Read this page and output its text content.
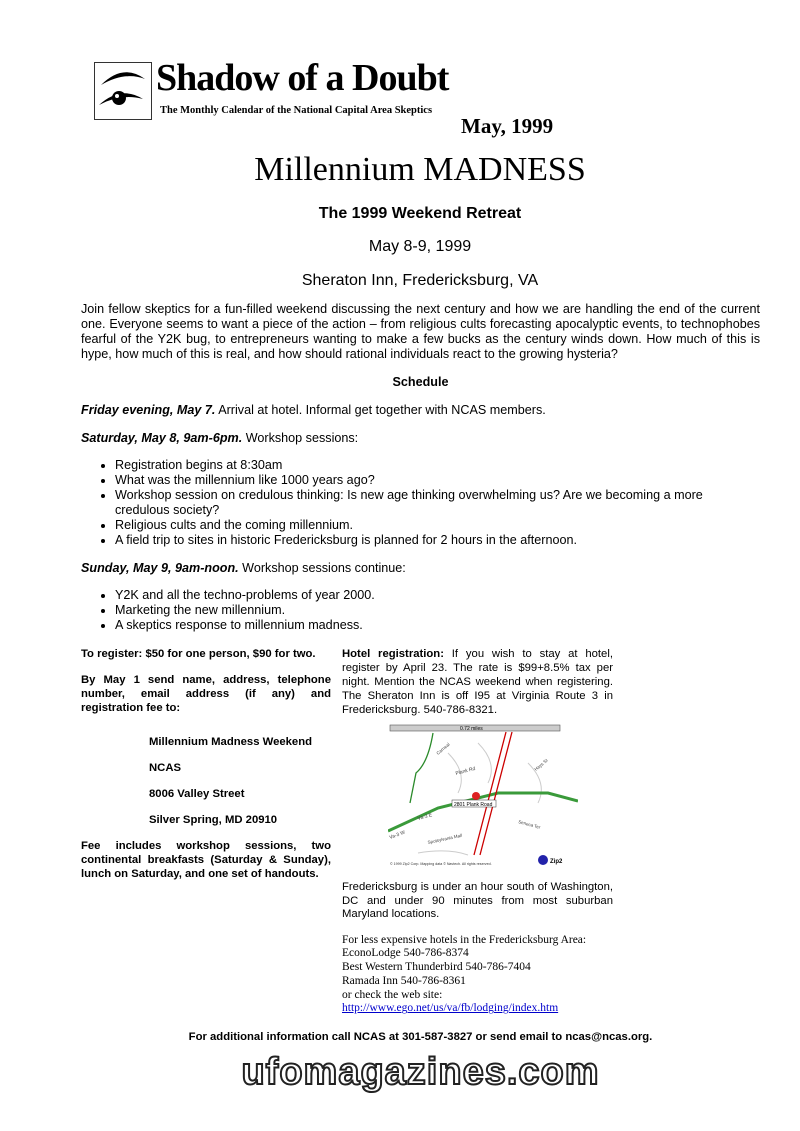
Shadow of a Doubt
The Monthly Calendar of the National Capital Area Skeptics
May, 1999
Millennium MADNESS
The 1999 Weekend Retreat
May 8-9, 1999
Sheraton Inn, Fredericksburg, VA

Join fellow skeptics for a fun-filled weekend discussing the next century and how we are handling the end of the current one. Everyone seems to want a piece of the action – from religious cults forecasting apocalyptic events, to technophobes fearful of the Y2K bug, to entrepreneurs wanting to make a few bucks as the century winds down. How much of this is hype, how much of this is real, and how should rational individuals react to the growing hysteria?

Schedule
Friday evening, May 7. Arrival at hotel. Informal get together with NCAS members.
Saturday, May 8, 9am-6pm. Workshop sessions:
• Registration begins at 8:30am
• What was the millennium like 1000 years ago?
• Workshop session on credulous thinking: Is new age thinking overwhelming us? Are we becoming a more credulous society?
• Religious cults and the coming millennium.
• A field trip to sites in historic Fredericksburg is planned for 2 hours in the afternoon.
Sunday, May 9, 9am-noon. Workshop sessions continue:
• Y2K and all the techno-problems of year 2000.
• Marketing the new millennium.
• A skeptics response to millennium madness.

To register: $50 for one person, $90 for two.

By May 1 send name, address, telephone number, email address (if any) and registration fee to:

Millennium Madness Weekend

NCAS

8006 Valley Street

Silver Spring, MD 20910

Fee includes workshop sessions, two continental breakfasts (Saturday & Sunday), lunch on Saturday, and one set of handouts.

Hotel registration: If you wish to stay at hotel, register by April 23. The rate is $99+8.5% tax per night. Mention the NCAS weekend when registering. The Sheraton Inn is off I95 at Virginia Route 3 in Fredericksburg. 540-786-8321.

0.72 miles
2801 Plank Road
Plank Rd
Va-3 W
Va-3 E
Spotsylvania Mall
Seneca Ter
Hays St
Carneal
© 1999 Zip2 Corp. Mapping data © Navtech. All rights reserved.	Zip2

Fredericksburg is under an hour south of Washington, DC and under 90 minutes from most suburban Maryland locations.

For less expensive hotels in the Fredericksburg Area:
EconoLodge 540-786-8374
Best Western Thunderbird 540-786-7404
Ramada Inn 540-786-8361
or check the web site:
http://www.ego.net/us/va/fb/lodging/index.htm
For additional information call NCAS at 301-587-3827 or send email to ncas@ncas.org.
ufomagazines.com
